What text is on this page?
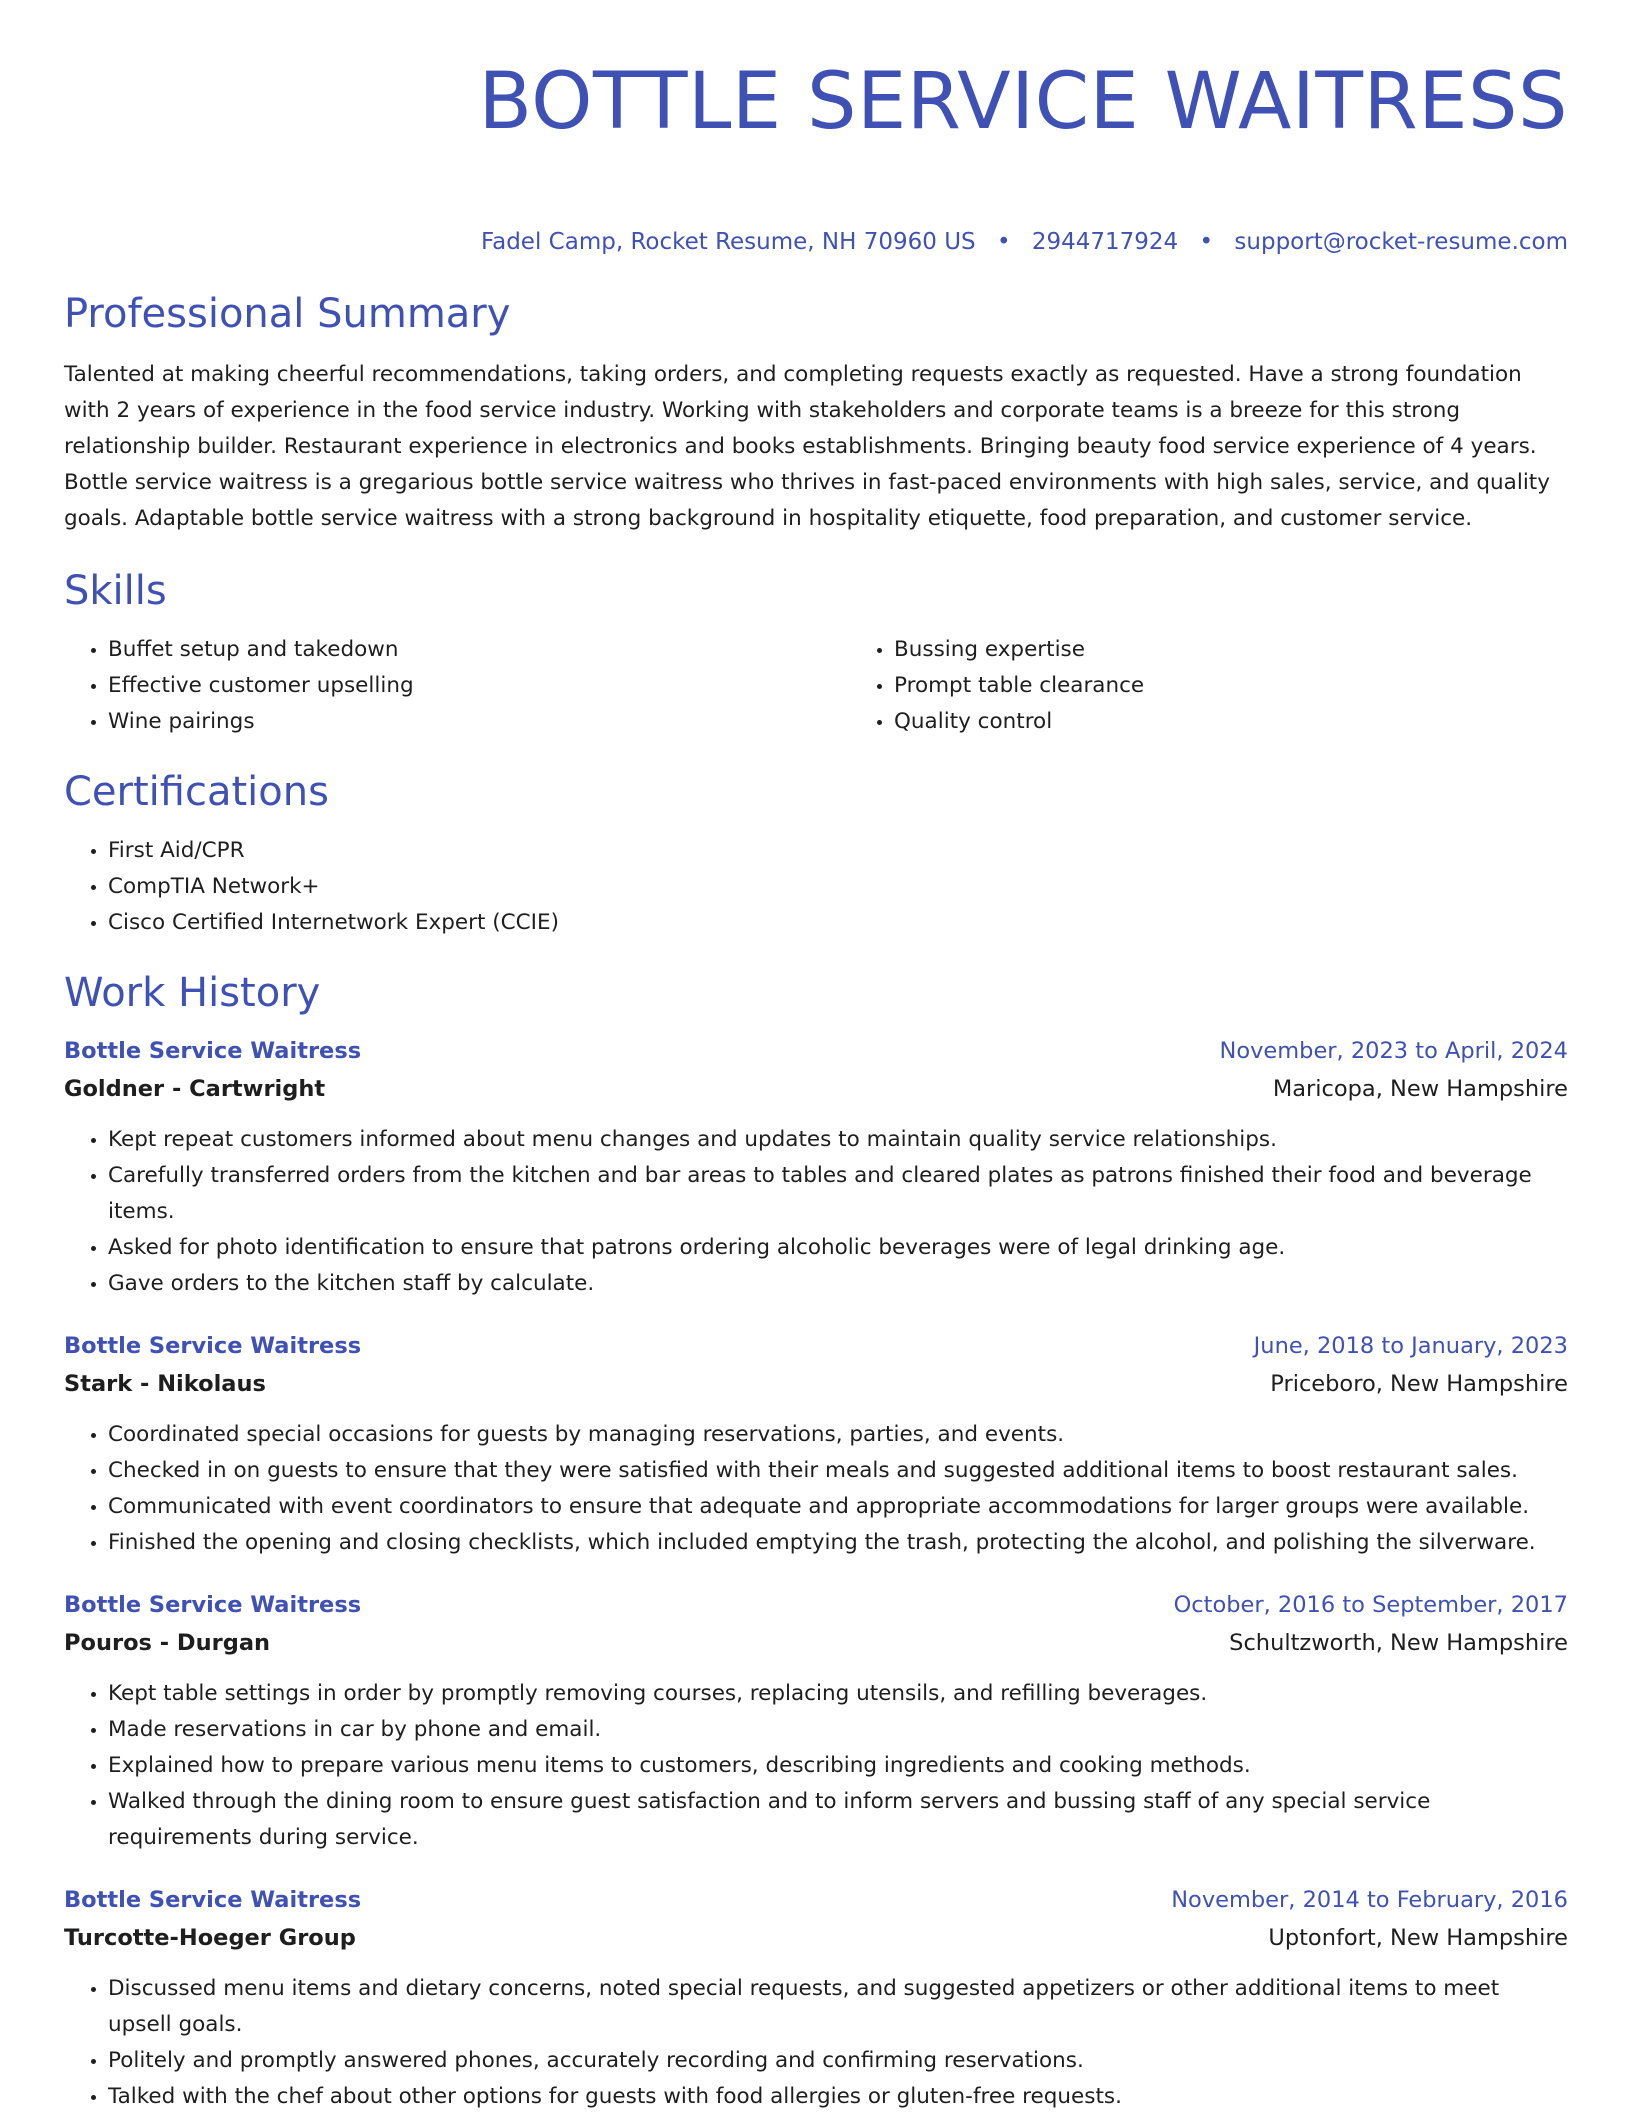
BOTTLE SERVICE WAITRESS
Fadel Camp, Rocket Resume, NH 70960 US • 2944717924 • support@rocket-resume.com
Professional Summary

Talented at making cheerful recommendations, taking orders, and completing requests exactly as requested. Have a strong foundation with 2 years of experience in the food service industry. Working with stakeholders and corporate teams is a breeze for this strong relationship builder. Restaurant experience in electronics and books establishments. Bringing beauty food service experience of 4 years. Bottle service waitress is a gregarious bottle service waitress who thrives in fast-paced environments with high sales, service, and quality goals. Adaptable bottle service waitress with a strong background in hospitality etiquette, food preparation, and customer service.

Skills
• Buffet setup and takedown
• Effective customer upselling
• Wine pairings
• Bussing expertise
• Prompt table clearance
• Quality control
Certifications
• First Aid/CPR
• CompTIA Network+
• Cisco Certified Internetwork Expert (CCIE)
Work History
Bottle Service Waitress	November, 2023 to April, 2024
Goldner - Cartwright	Maricopa, New Hampshire
• Kept repeat customers informed about menu changes and updates to maintain quality service relationships.
• Carefully transferred orders from the kitchen and bar areas to tables and cleared plates as patrons finished their food and beverage items.
• Asked for photo identification to ensure that patrons ordering alcoholic beverages were of legal drinking age.
• Gave orders to the kitchen staff by calculate.
Bottle Service Waitress	June, 2018 to January, 2023
Stark - Nikolaus	Priceboro, New Hampshire
• Coordinated special occasions for guests by managing reservations, parties, and events.
• Checked in on guests to ensure that they were satisfied with their meals and suggested additional items to boost restaurant sales.
• Communicated with event coordinators to ensure that adequate and appropriate accommodations for larger groups were available.
• Finished the opening and closing checklists, which included emptying the trash, protecting the alcohol, and polishing the silverware.
Bottle Service Waitress	October, 2016 to September, 2017
Pouros - Durgan	Schultzworth, New Hampshire
• Kept table settings in order by promptly removing courses, replacing utensils, and refilling beverages.
• Made reservations in car by phone and email.
• Explained how to prepare various menu items to customers, describing ingredients and cooking methods.
• Walked through the dining room to ensure guest satisfaction and to inform servers and bussing staff of any special service requirements during service.
Bottle Service Waitress	November, 2014 to February, 2016
Turcotte-Hoeger Group	Uptonfort, New Hampshire
• Discussed menu items and dietary concerns, noted special requests, and suggested appetizers or other additional items to meet upsell goals.
• Politely and promptly answered phones, accurately recording and confirming reservations.
• Talked with the chef about other options for guests with food allergies or gluten-free requests.
